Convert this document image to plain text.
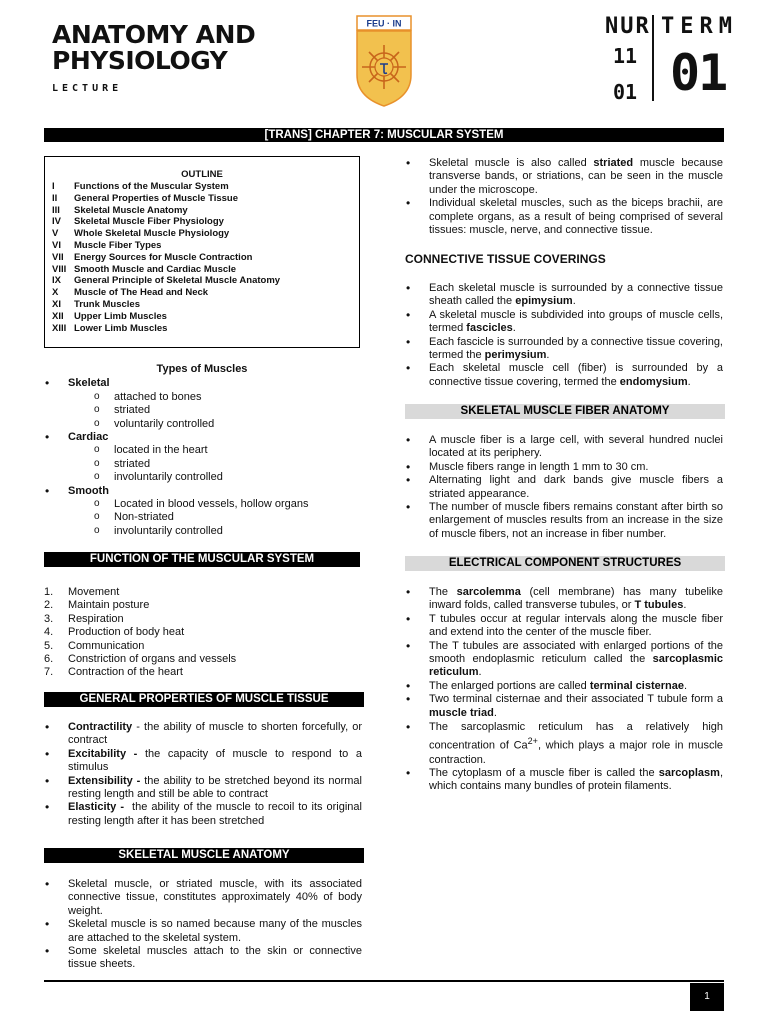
ANATOMY AND
PHYSIOLOGY
LECTURE
FEU · IN	NUR
11
01
TERM
01
[TRANS] CHAPTER 7: MUSCULAR SYSTEM
OUTLINE
I	Functions of the Muscular System
II	General Properties of Muscle Tissue
III	Skeletal Muscle Anatomy
IV	Skeletal Muscle Fiber Physiology
V	Whole Skeletal Muscle Physiology
VI	Muscle Fiber Types
VII	Energy Sources for Muscle Contraction
VIII Smooth Muscle and Cardiac Muscle
IX	General Principle of Skeletal Muscle Anatomy
X	Muscle of The Head and Neck
XI	Trunk Muscles
XII	Upper Limb Muscles
XIII Lower Limb Muscles
Types of Muscles
• Skeletal
o attached to bones
o striated
o voluntarily controlled
• Cardiac
o located in the heart
o striated
o involuntarily controlled
• Smooth
o Located in blood vessels, hollow organs
o Non-striated
o involuntarily controlled
FUNCTION OF THE MUSCULAR SYSTEM
1.	Movement
2.	Maintain posture
3.	Respiration
4.	Production of body heat
5.	Communication
6.	Constriction of organs and vessels
7.	Contraction of the heart
GENERAL PROPERTIES OF MUSCLE TISSUE
• Contractility - the ability of muscle to shorten forcefully, or contract
• Excitability - the capacity of muscle to respond to a stimulus
• Extensibility - the ability to be stretched beyond its normal resting length and still be able to contract
• Elasticity -  the ability of the muscle to recoil to its original resting length after it has been stretched
SKELETAL MUSCLE ANATOMY
• Skeletal muscle, or striated muscle, with its associated connective tissue, constitutes approximately 40% of body weight.
• Skeletal muscle is so named because many of the muscles are attached to the skeletal system.
• Some skeletal muscles attach to the skin or connective tissue sheets.
• Skeletal muscle is also called striated muscle because transverse bands, or striations, can be seen in the muscle under the microscope.
• Individual skeletal muscles, such as the biceps brachii, are complete organs, as a result of being comprised of several tissues: muscle, nerve, and connective tissue.
CONNECTIVE TISSUE COVERINGS
• Each skeletal muscle is surrounded by a connective tissue sheath called the epimysium.
• A skeletal muscle is subdivided into groups of muscle cells, termed fascicles.
• Each fascicle is surrounded by a connective tissue covering, termed the perimysium.
• Each skeletal muscle cell (fiber) is surrounded by a connective tissue covering, termed the endomysium.
SKELETAL MUSCLE FIBER ANATOMY
• A muscle fiber is a large cell, with several hundred nuclei located at its periphery.
• Muscle fibers range in length 1 mm to 30 cm.
• Alternating light and dark bands give muscle fibers a striated appearance.
• The number of muscle fibers remains constant after birth so enlargement of muscles results from an increase in the size of muscle fibers, not an increase in fiber number.
ELECTRICAL COMPONENT STRUCTURES
• The sarcolemma (cell membrane) has many tubelike inward folds, called transverse tubules, or T tubules.
• T tubules occur at regular intervals along the muscle fiber and extend into the center of the muscle fiber.
• The T tubules are associated with enlarged portions of the smooth endoplasmic reticulum called the sarcoplasmic reticulum.
• The enlarged portions are called terminal cisternae.
• Two terminal cisternae and their associated T tubule form a muscle triad.
• The sarcoplasmic reticulum has a relatively high concentration of $Ca^{2+}$, which plays a major role in muscle contraction.
• The cytoplasm of a muscle fiber is called the sarcoplasm, which contains many bundles of protein filaments.
1
